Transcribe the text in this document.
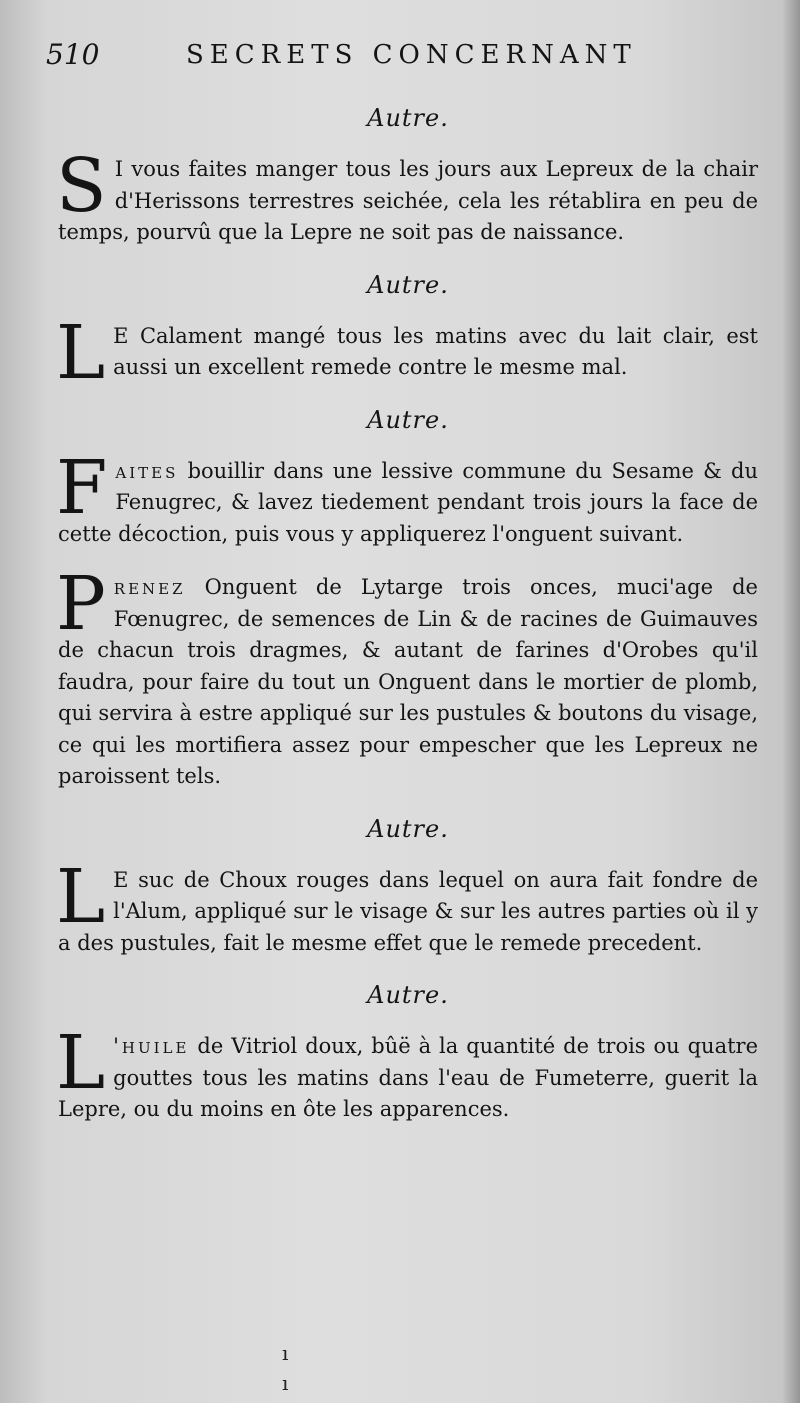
510	SECRETS CONCERNANT
Autre.

S I vous faites manger tous les jours aux Lepreux de la chair d'Herissons terrestres seichée, cela les rétablira en peu de temps, pourvû que la Lepre ne soit pas de naissance.

Autre.

L E Calament mangé tous les matins avec du lait clair, est aussi un excellent remede contre le mesme mal.

Autre.

Faites bouillir dans une lessive commune du Sesame & du Fenugrec, & lavez tiedement pendant trois jours la face de cette décoction, puis vous y appliquerez l'onguent suivant.

Prenez Onguent de Lytarge trois onces, muci'age de Fœnugrec, de semences de Lin & de racines de Guimauves de chacun trois dragmes, & autant de farines d'Orobes qu'il faudra, pour faire du tout un Onguent dans le mortier de plomb, qui servira à estre appliqué sur les pustules & boutons du visage, ce qui les mortifiera assez pour empescher que les Lepreux ne paroissent tels.

Autre.

L E suc de Choux rouges dans lequel on aura fait fondre de l'Alum, appliqué sur le visage & sur les autres parties où il y a des pustules, fait le mesme effet que le remede precedent.

Autre.

L 'huile de Vitriol doux, bûë à la quantité de trois ou quatre gouttes tous les matins dans l'eau de Fumeterre, guerit la Lepre, ou du moins en ôte les apparences.

ı
ı
